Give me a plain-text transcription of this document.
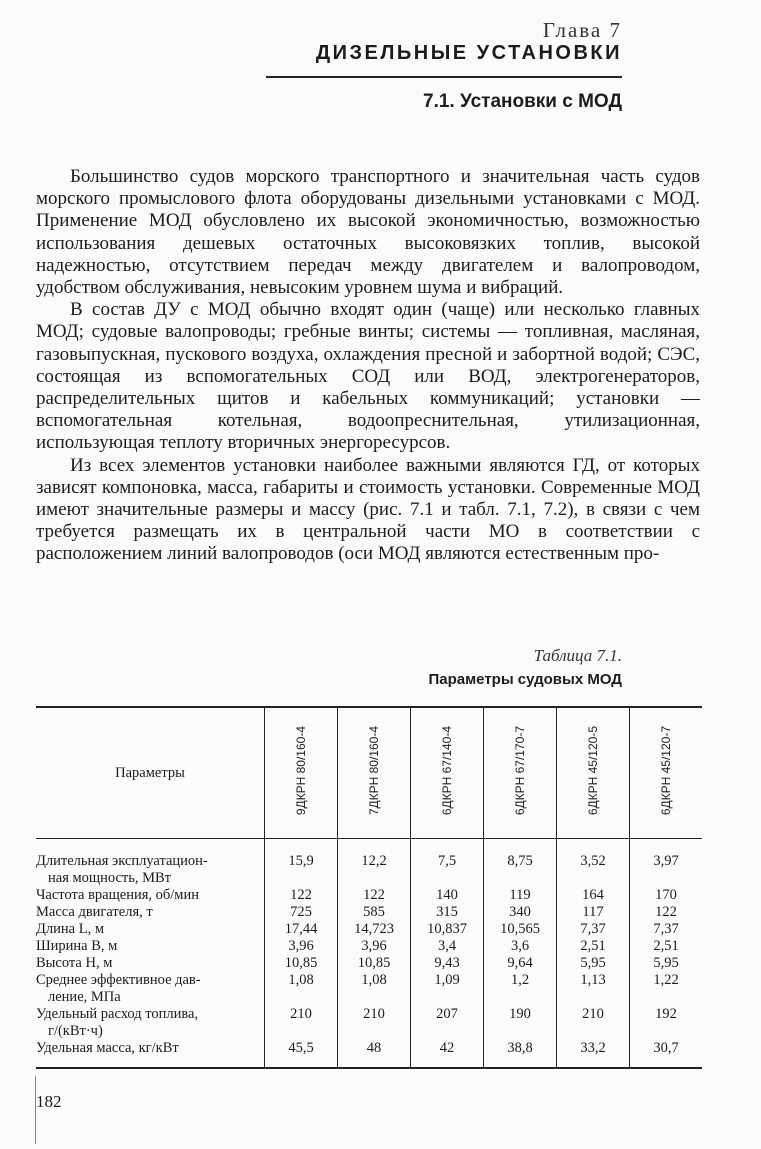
Глава 7
ДИЗЕЛЬНЫЕ УСТАНОВКИ
7.1. Установки с МОД

Большинство судов морского транспортного и значительная часть судов морского промыслового флота оборудованы дизельными установками с МОД. Применение МОД обусловлено их высокой экономичностью, возможностью использования дешевых остаточных высоковязких топлив, высокой надежностью, отсутствием передач между двигателем и валопроводом, удобством обслуживания, невысоким уровнем шума и вибраций.

В состав ДУ с МОД обычно входят один (чаще) или несколько главных МОД; судовые валопроводы; гребные винты; системы — топливная, масляная, газовыпускная, пускового воздуха, охлаждения пресной и забортной водой; СЭС, состоящая из вспомогательных СОД или ВОД, электрогенераторов, распределительных щитов и кабельных коммуникаций; установки — вспомогательная котельная, водоопреснительная, утилизационная, использующая теплоту вторичных энергоресурсов.

Из всех элементов установки наиболее важными являются ГД, от которых зависят компоновка, масса, габариты и стоимость установки. Современные МОД имеют значительные размеры и массу (рис. 7.1 и табл. 7.1, 7.2), в связи с чем требуется размещать их в центральной части МО в соответствии с расположением линий валопроводов (оси МОД являются естественным про-

Таблица 7.1.
Параметры судовых МОД
Параметры	9ДКРН 80/160-4	7ДКРН 80/160-4	6ДКРН 67/140-4	6ДКРН 67/170-7	6ДКРН 45/120-5	6ДКРН 45/120-7

Длительная эксплуатацион-
ная мощность, МВт	15,9	12,2	7,5	8,75	3,52	3,97

Частота вращения, об/мин	122	122	140	119	164	170

Масса двигателя, т	725	585	315	340	117	122

Длина L, м	17,44	14,723	10,837	10,565	7,37	7,37

Ширина B, м	3,96	3,96	3,4	3,6	2,51	2,51

Высота H, м	10,85	10,85	9,43	9,64	5,95	5,95

Среднее эффективное дав-
ление, МПа	1,08	1,08	1,09	1,2	1,13	1,22

Удельный расход топлива,
г/(кВт·ч)	210	210	207	190	210	192

Удельная масса, кг/кВт	45,5	48	42	38,8	33,2	30,7
182
